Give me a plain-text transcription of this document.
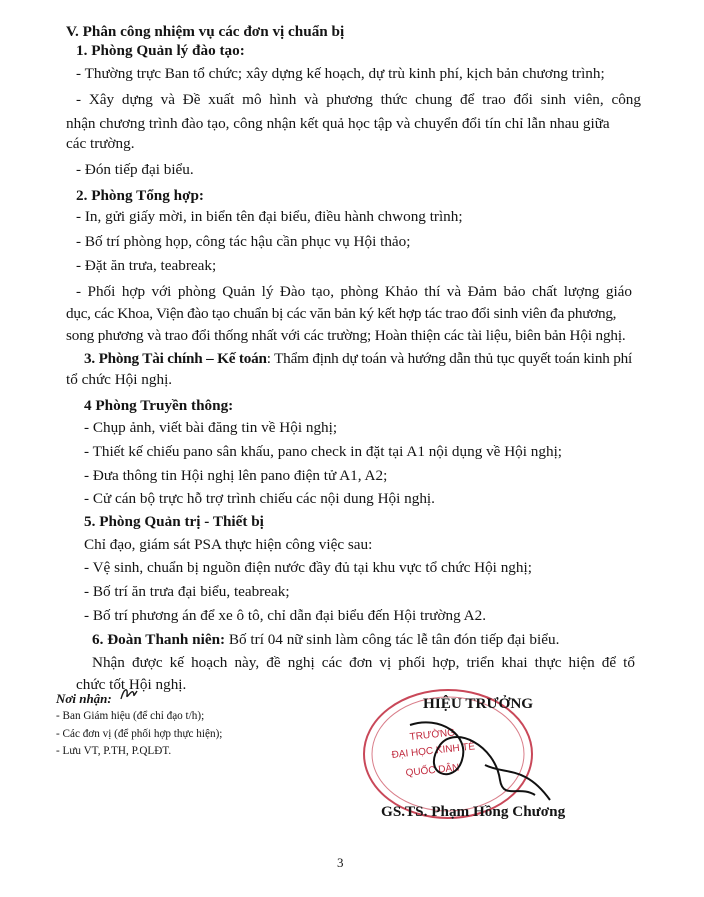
V. Phân công nhiệm vụ các đơn vị chuẩn bị
1. Phòng Quản lý đào tạo:
- Thường trực Ban tổ chức; xây dựng kế hoạch, dự trù kinh phí, kịch bản chương trình;
- Xây dựng và Đề xuất mô hình và phương thức chung để trao đổi sinh viên, công
nhận chương trình đào tạo, công nhận kết quả học tập và chuyển đổi tín chỉ lẫn nhau giữa
các trường.
- Đón tiếp đại biểu.
2. Phòng Tổng hợp:
- In, gửi giấy mời, in biển tên đại biểu, điều hành chwong trình;
- Bố trí phòng họp, công tác hậu cần phục vụ Hội thảo;
- Đặt ăn trưa, teabreak;
- Phối hợp với phòng Quản lý Đào tạo, phòng Khảo thí và Đảm bảo chất lượng giáo
dục, các Khoa, Viện đào tạo chuẩn bị các văn bản ký kết hợp tác trao đổi sinh viên đa phương,
song phương và trao đổi thống nhất với các trường; Hoàn thiện các tài liệu, biên bản Hội nghị.
3. Phòng Tài chính – Kế toán: Thẩm định dự toán và hướng dẫn thủ tục quyết toán kinh phí
tổ chức Hội nghị.
4 Phòng Truyền thông:
- Chụp ảnh, viết bài đăng tin về Hội nghị;
- Thiết kế chiếu pano sân khấu, pano check in đặt tại A1 nội dụng về Hội nghị;
- Đưa thông tin Hội nghị lên pano điện tử A1, A2;
- Cử cán bộ trực hỗ trợ trình chiếu các nội dung Hội nghị.
5. Phòng Quản trị - Thiết bị
Chỉ đạo, giám sát PSA thực hiện công việc sau:
- Vệ sinh, chuẩn bị nguồn điện nước đầy đủ tại khu vực tổ chức Hội nghị;
- Bố trí ăn trưa đại biểu, teabreak;
- Bố trí phương án để xe ô tô, chỉ dẫn đại biểu đến Hội trường A2.
6. Đoàn Thanh niên: Bố trí 04 nữ sinh làm công tác lễ tân đón tiếp đại biểu.
Nhận được kế hoạch này, đề nghị các đơn vị phối hợp, triển khai thực hiện để tổ
chức tốt Hội nghị.
Nơi nhận:
- Ban Giám hiệu (để chỉ đạo t/h);
- Các đơn vị (để phối hợp thực hiện);
- Lưu VT, P.TH, P.QLĐT.
TRƯỜNG
ĐẠI HỌC KINH TẾ
QUỐC DÂN
HIỆU TRƯỞNG
GS.TS. Phạm Hồng Chương
3
